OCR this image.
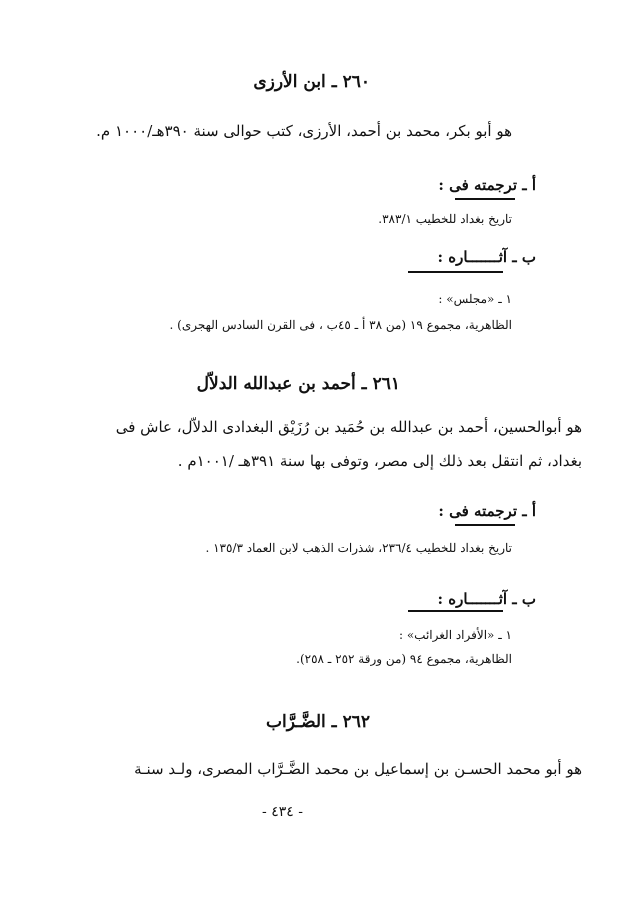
٢٦٠ ـ ابن الأرزى
هو أبو بكر، محمد بن أحمد، الأرزى، كتب حوالى سنة ٣٩٠هـ/١٠٠٠ م.
أ ـ ترجمته فى :
تاريخ بغداد للخطيب ٣٨٣/١.
ب ـ آثـــــــاره :
١ ـ «مجلس» :
الظاهرية، مجموع ١٩ (من ٣٨ أ ـ ٤٥ب ، فى القرن السادس الهجرى) .
٢٦١ ـ أحمد بن عبدالله الدلاّل
هو أبوالحسين، أحمد بن عبدالله بن حُمَيد بن رُزَيْق البغدادى الدلاّل، عاش فى
بغداد، ثم انتقل بعد ذلك إلى مصر، وتوفى بها سنة ٣٩١هـ /١٠٠١م .
أ ـ ترجمته فى :
تاريخ بغداد للخطيب ٢٣٦/٤، شذرات الذهب لابن العماد ١٣٥/٣ .
ب ـ آثـــــــاره :
١ ـ «الأفراد الغرائب» :
الظاهرية، مجموع ٩٤ (من ورقة ٢٥٢ ـ ٢٥٨).
٢٦٢ ـ الضَّـرَّاب
هو أبو محمد الحسـن بن إسماعيل بن محمد الضَّـرَّاب المصرى، ولـد سنـة
- ٤٣٤ -
